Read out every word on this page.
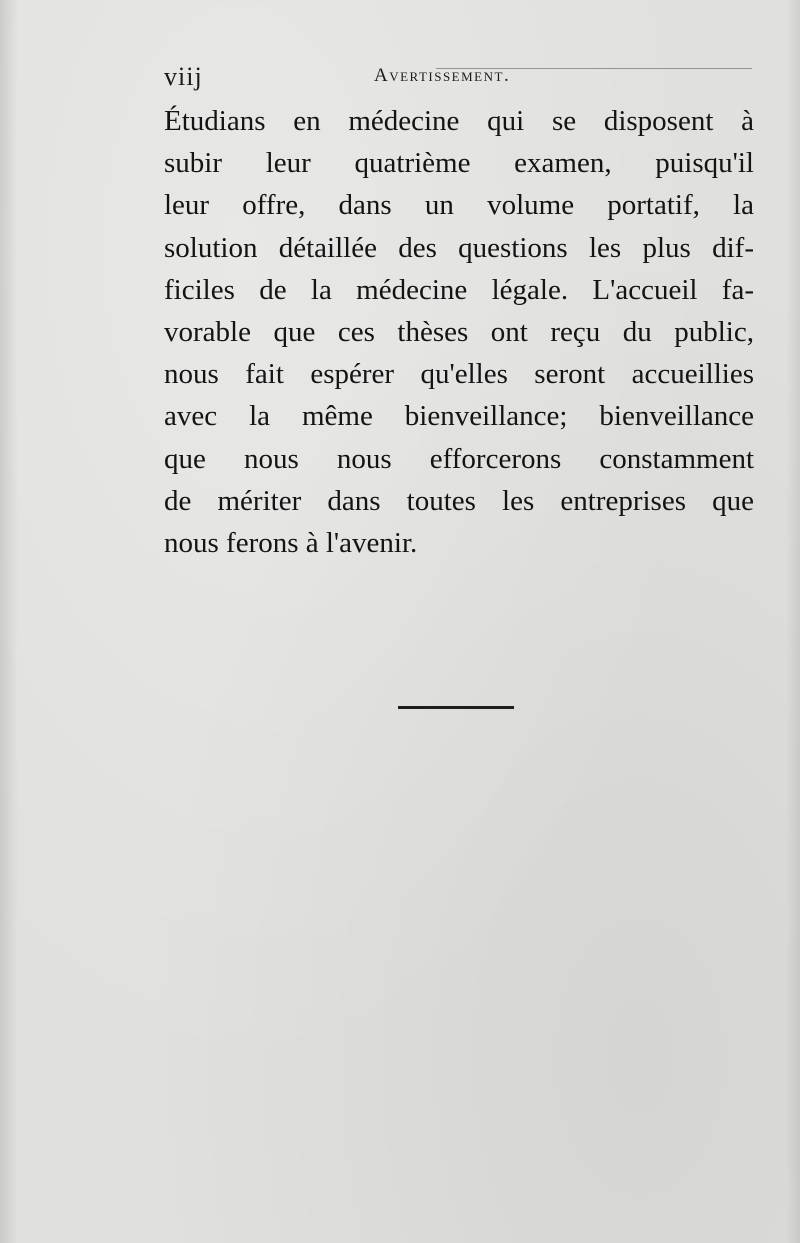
viij	Avertissement.
Étudians en médecine qui se disposent à
subir leur quatrième examen, puisqu'il
leur offre, dans un volume portatif, la
solution détaillée des questions les plus dif-
ficiles de la médecine légale. L'accueil fa-
vorable que ces thèses ont reçu du public,
nous fait espérer qu'elles seront accueillies
avec la même bienveillance; bienveillance
que nous nous efforcerons constamment
de mériter dans toutes les entreprises que
nous ferons à l'avenir.
